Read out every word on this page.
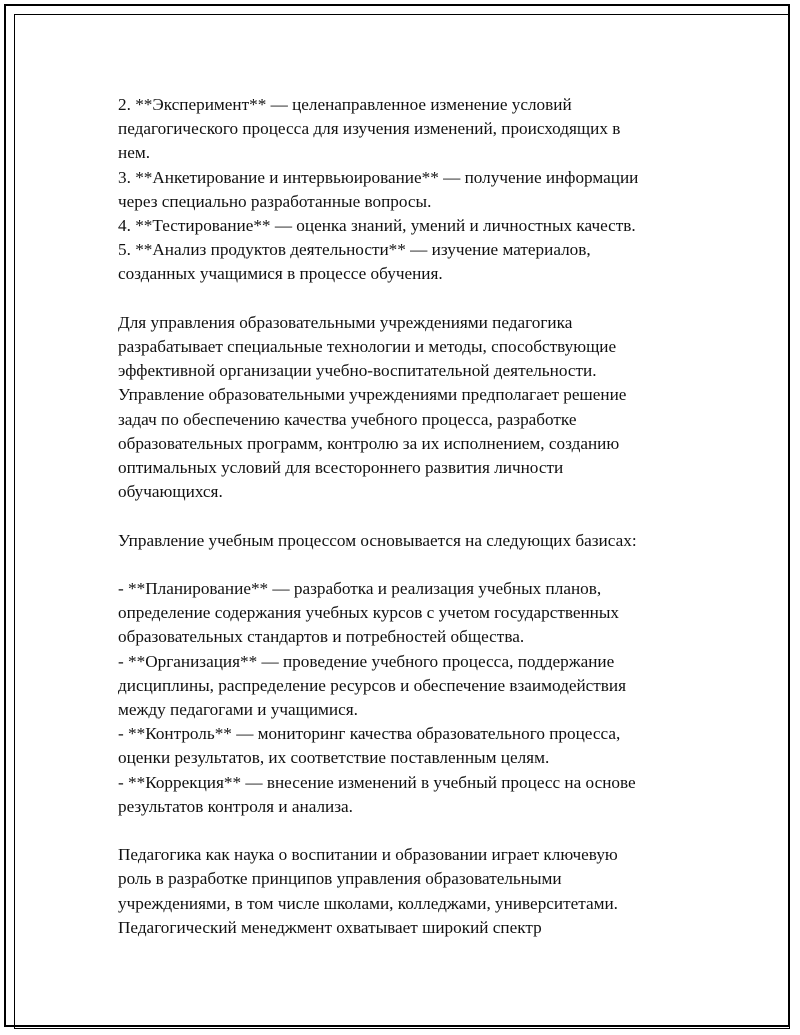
2. **Эксперимент** — целенаправленное изменение условий
педагогического процесса для изучения изменений, происходящих в
нем.
3. **Анкетирование и интервьюирование** — получение информации
через специально разработанные вопросы.
4. **Тестирование** — оценка знаний, умений и личностных качеств.
5. **Анализ продуктов деятельности** — изучение материалов,
созданных учащимися в процессе обучения.

Для управления образовательными учреждениями педагогика
разрабатывает специальные технологии и методы, способствующие
эффективной организации учебно-воспитательной деятельности.
Управление образовательными учреждениями предполагает решение
задач по обеспечению качества учебного процесса, разработке
образовательных программ, контролю за их исполнением, созданию
оптимальных условий для всестороннего развития личности
обучающихся.

Управление учебным процессом основывается на следующих базисах:

- **Планирование** — разработка и реализация учебных планов,
определение содержания учебных курсов с учетом государственных
образовательных стандартов и потребностей общества.
- **Организация** — проведение учебного процесса, поддержание
дисциплины, распределение ресурсов и обеспечение взаимодействия
между педагогами и учащимися.
- **Контроль** — мониторинг качества образовательного процесса,
оценки результатов, их соответствие поставленным целям.
- **Коррекция** — внесение изменений в учебный процесс на основе
результатов контроля и анализа.

Педагогика как наука о воспитании и образовании играет ключевую
роль в разработке принципов управления образовательными
учреждениями, в том числе школами, колледжами, университетами.
Педагогический менеджмент охватывает широкий спектр
